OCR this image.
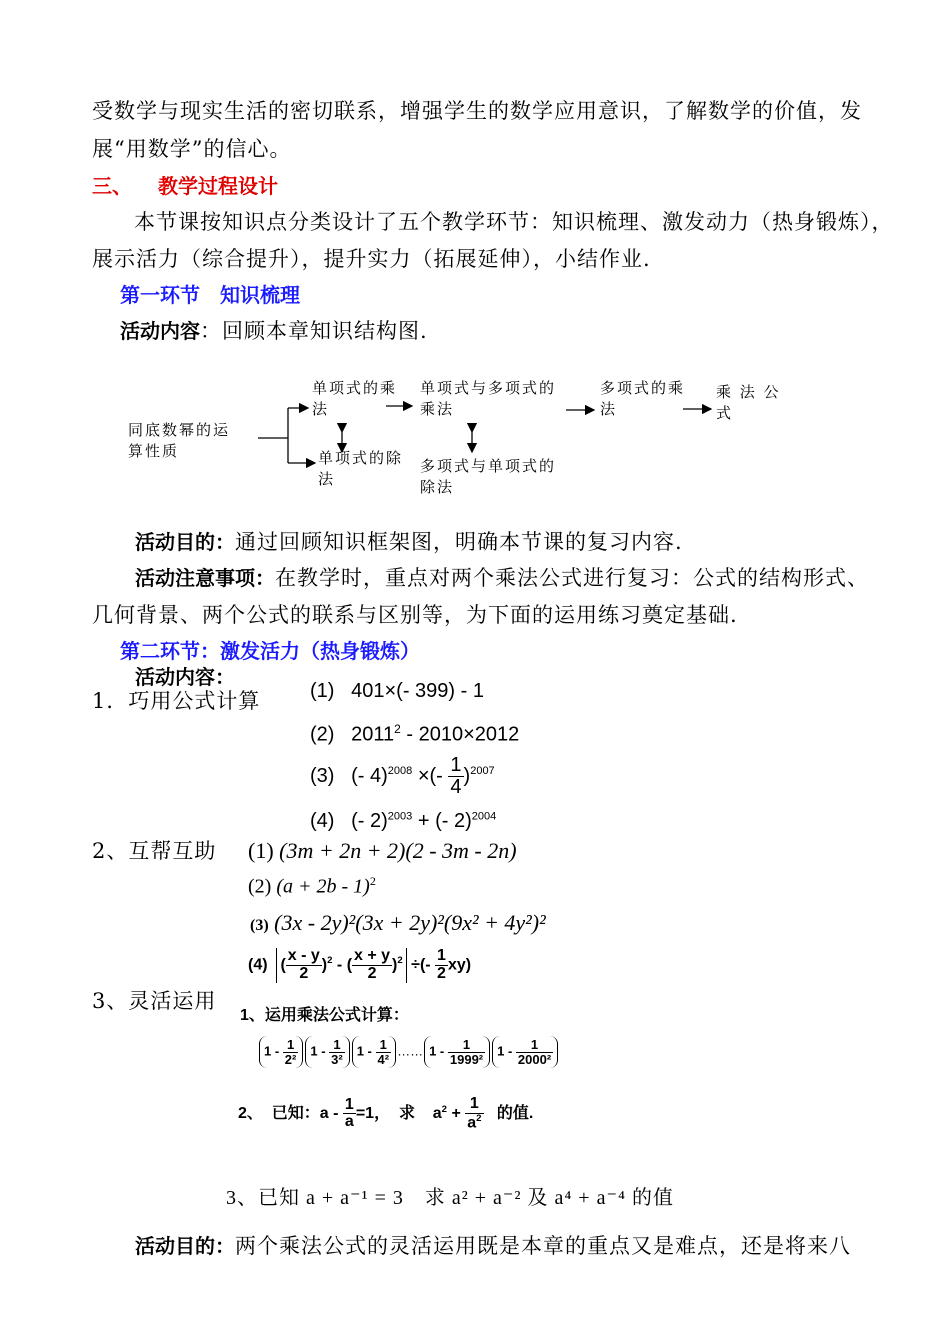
受数学与现实生活的密切联系，增强学生的数学应用意识，了解数学的价值，发
展“用数学”的信心。
三、 教学过程设计
本节课按知识点分类设计了五个教学环节：知识梳理、激发动力（热身锻炼），
展示活力（综合提升），提升实力（拓展延伸），小结作业.
第一环节　知识梳理
活动内容：回顾本章知识结构图.
同底数幂的运
算性质
单项式的乘
法
单项式与多项式的
乘法
多项式的乘
法
乘 法 公
式
单项式的除
法
多项式与单项式的
除法
活动目的：通过回顾知识框架图，明确本节课的复习内容.
活动注意事项：在教学时，重点对两个乘法公式进行复习：公式的结构形式、
几何背景、两个公式的联系与区别等，为下面的运用练习奠定基础.
第二环节：激发活力（热身锻炼）
活动内容：
1．巧用公式计算 (1) 401×(- 399) - 1
(2) 2011$^2$ - 2010×2012
(3) (- 4)$^{2008}$ ×(- $\frac{1}{4} )^{2007}$
(4) (- 2)$^{2003}$ + (- 2)$^{2004}$
2、互帮互助 (1) (3m + 2n + 2)(2 - 3m - 2n)
(2) $(a + 2b - 1)^2$
(3) (3x - 2y)²(3x + 2y)²(9x² + 4y²)²
(4) ( $\frac{x - y}{2} )^2$ - ( $\frac{x + y}{2} )^2$ ÷(- $\frac{1}{2} xy$)
3、灵活运用
1、运用乘法公式计算：
$1 - \frac{1}{\text{2²}} 1 - \frac{1}{\text{3²}} 1 - \frac{1}{\text{4²}}$ …… $1 - \frac{1}{\text{1999²}} 1 - \frac{1}{\text{2000²}}$
2、 已知：$a - \frac{1}{a} =1$， 求    $a^2 + \frac{1}{a^2}$ 的值.
3、已知 a + a⁻¹ = 3　求 a² + a⁻² 及 a⁴ + a⁻⁴ 的值
活动目的：两个乘法公式的灵活运用既是本章的重点又是难点，还是将来八
